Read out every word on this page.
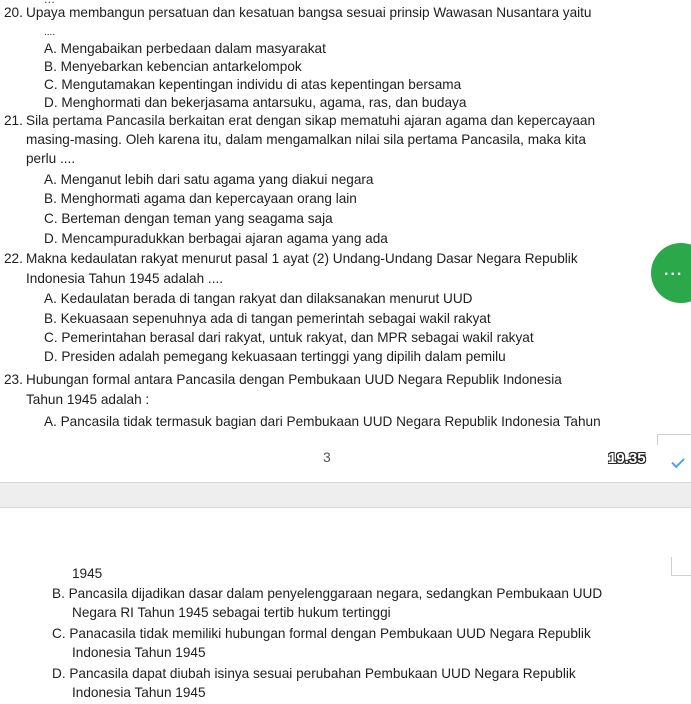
20. Upaya membangun persatuan dan kesatuan bangsa sesuai prinsip Wawasan Nusantara yaitu
....
A. Mengabaikan perbedaan dalam masyarakat
B. Menyebarkan kebencian antarkelompok
C. Mengutamakan kepentingan individu di atas kepentingan bersama
D. Menghormati dan bekerjasama antarsuku, agama, ras, dan budaya
21. Sila pertama Pancasila berkaitan erat dengan sikap mematuhi ajaran agama dan kepercayaan
masing-masing. Oleh karena itu, dalam mengamalkan nilai sila pertama Pancasila, maka kita
perlu ....
A. Menganut lebih dari satu agama yang diakui negara
B. Menghormati agama dan kepercayaan orang lain
C. Berteman dengan teman yang seagama saja
D. Mencampuradukkan berbagai ajaran agama yang ada
22. Makna kedaulatan rakyat menurut pasal 1 ayat (2) Undang-Undang Dasar Negara Republik
Indonesia Tahun 1945 adalah ....
A. Kedaulatan berada di tangan rakyat dan dilaksanakan menurut UUD
B. Kekuasaan sepenuhnya ada di tangan pemerintah sebagai wakil rakyat
C. Pemerintahan berasal dari rakyat, untuk rakyat, dan MPR sebagai wakil rakyat
D. Presiden adalah pemegang kekuasaan tertinggi yang dipilih dalam pemilu
23. Hubungan formal antara Pancasila dengan Pembukaan UUD Negara Republik Indonesia
Tahun 1945 adalah :
A. Pancasila tidak termasuk bagian dari Pembukaan UUD Negara Republik Indonesia Tahun
...
3	19.35
1945
B. Pancasila dijadikan dasar dalam penyelenggaraan negara, sedangkan Pembukaan UUD
Negara RI Tahun 1945 sebagai tertib hukum tertinggi
C. Panacasila tidak memiliki hubungan formal dengan Pembukaan UUD Negara Republik
Indonesia Tahun 1945
D. Pancasila dapat diubah isinya sesuai perubahan Pembukaan UUD Negara Republik
Indonesia Tahun 1945
